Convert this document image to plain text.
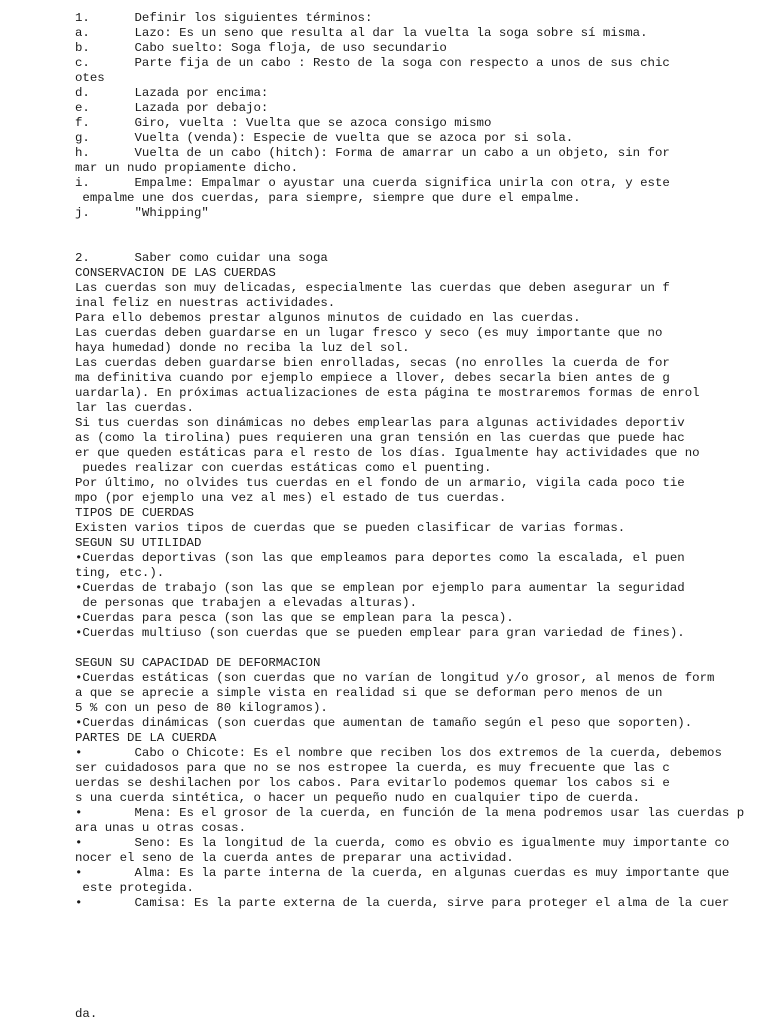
1.      Definir los siguientes términos:
a.      Lazo: Es un seno que resulta al dar la vuelta la soga sobre sí misma.
b.      Cabo suelto: Soga floja, de uso secundario
c.      Parte fija de un cabo : Resto de la soga con respecto a unos de sus chic
otes
d.      Lazada por encima:
e.      Lazada por debajo:
f.      Giro, vuelta : Vuelta que se azoca consigo mismo
g.      Vuelta (venda): Especie de vuelta que se azoca por si sola.
h.      Vuelta de un cabo (hitch): Forma de amarrar un cabo a un objeto, sin for
mar un nudo propiamente dicho.
i.      Empalme: Empalmar o ayustar una cuerda significa unirla con otra, y este
empalme une dos cuerdas, para siempre, siempre que dure el empalme.
j.      "Whipping"
2.      Saber como cuidar una soga
CONSERVACION DE LAS CUERDAS
Las cuerdas son muy delicadas, especialmente las cuerdas que deben asegurar un f
inal feliz en nuestras actividades.
Para ello debemos prestar algunos minutos de cuidado en las cuerdas.
Las cuerdas deben guardarse en un lugar fresco y seco (es muy importante que no
haya humedad) donde no reciba la luz del sol.
Las cuerdas deben guardarse bien enrolladas, secas (no enrolles la cuerda de for
ma definitiva cuando por ejemplo empiece a llover, debes secarla bien antes de g
uardarla). En próximas actualizaciones de esta página te mostraremos formas de enrol
lar las cuerdas.
Si tus cuerdas son dinámicas no debes emplearlas para algunas actividades deportiv
as (como la tirolina) pues requieren una gran tensión en las cuerdas que puede hac
er que queden estáticas para el resto de los días. Igualmente hay actividades que no
puedes realizar con cuerdas estáticas como el puenting.
Por último, no olvides tus cuerdas en el fondo de un armario, vigila cada poco tie
mpo (por ejemplo una vez al mes) el estado de tus cuerdas.
TIPOS DE CUERDAS
Existen varios tipos de cuerdas que se pueden clasificar de varias formas.
SEGUN SU UTILIDAD
•Cuerdas deportivas (son las que empleamos para deportes como la escalada, el puen
ting, etc.).
•Cuerdas de trabajo (son las que se emplean por ejemplo para aumentar la seguridad
de personas que trabajen a elevadas alturas).
•Cuerdas para pesca (son las que se emplean para la pesca).
•Cuerdas multiuso (son cuerdas que se pueden emplear para gran variedad de fines).
SEGUN SU CAPACIDAD DE DEFORMACION
•Cuerdas estáticas (son cuerdas que no varían de longitud y/o grosor, al menos de form
a que se aprecie a simple vista en realidad si que se deforman pero menos de un
5 % con un peso de 80 kilogramos).
•Cuerdas dinámicas (son cuerdas que aumentan de tamaño según el peso que soporten).
PARTES DE LA CUERDA
•       Cabo o Chicote: Es el nombre que reciben los dos extremos de la cuerda, debemos
ser cuidadosos para que no se nos estropee la cuerda, es muy frecuente que las c
uerdas se deshilachen por los cabos. Para evitarlo podemos quemar los cabos si e
s una cuerda sintética, o hacer un pequeño nudo en cualquier tipo de cuerda.
•       Mena: Es el grosor de la cuerda, en función de la mena podremos usar las cuerdas p
ara unas u otras cosas.
•       Seno: Es la longitud de la cuerda, como es obvio es igualmente muy importante co
nocer el seno de la cuerda antes de preparar una actividad.
•       Alma: Es la parte interna de la cuerda, en algunas cuerdas es muy importante que
este protegida.
•       Camisa: Es la parte externa de la cuerda, sirve para proteger el alma de la cuer
da.
